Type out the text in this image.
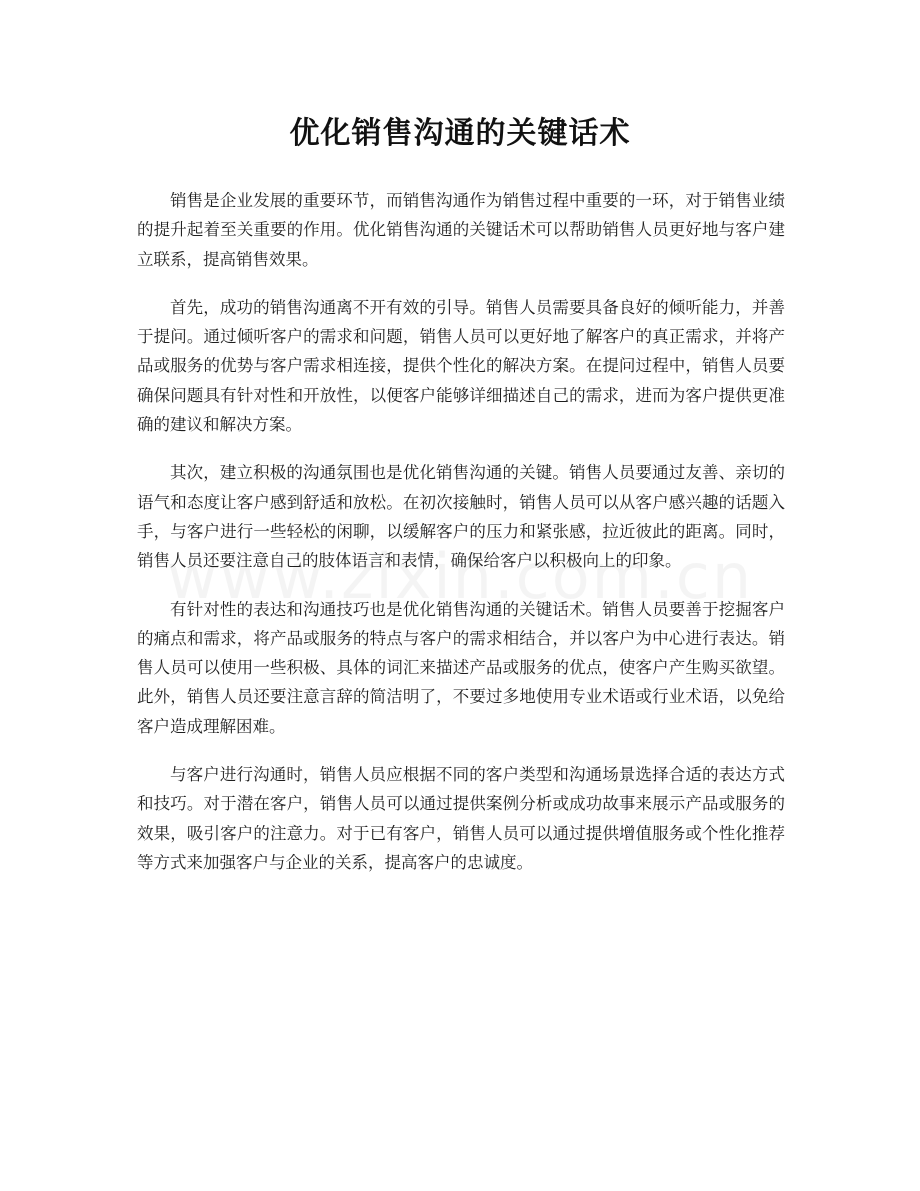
优化销售沟通的关键话术

销售是企业发展的重要环节，而销售沟通作为销售过程中重要的一环，对于销售业绩的提升起着至关重要的作用。优化销售沟通的关键话术可以帮助销售人员更好地与客户建立联系，提高销售效果。

首先，成功的销售沟通离不开有效的引导。销售人员需要具备良好的倾听能力，并善于提问。通过倾听客户的需求和问题，销售人员可以更好地了解客户的真正需求，并将产品或服务的优势与客户需求相连接，提供个性化的解决方案。在提问过程中，销售人员要确保问题具有针对性和开放性，以便客户能够详细描述自己的需求，进而为客户提供更准确的建议和解决方案。

其次，建立积极的沟通氛围也是优化销售沟通的关键。销售人员要通过友善、亲切的语气和态度让客户感到舒适和放松。在初次接触时，销售人员可以从客户感兴趣的话题入手，与客户进行一些轻松的闲聊，以缓解客户的压力和紧张感，拉近彼此的距离。同时，销售人员还要注意自己的肢体语言和表情，确保给客户以积极向上的印象。

有针对性的表达和沟通技巧也是优化销售沟通的关键话术。销售人员要善于挖掘客户的痛点和需求，将产品或服务的特点与客户的需求相结合，并以客户为中心进行表达。销售人员可以使用一些积极、具体的词汇来描述产品或服务的优点，使客户产生购买欲望。此外，销售人员还要注意言辞的简洁明了，不要过多地使用专业术语或行业术语，以免给客户造成理解困难。

与客户进行沟通时，销售人员应根据不同的客户类型和沟通场景选择合适的表达方式和技巧。对于潜在客户，销售人员可以通过提供案例分析或成功故事来展示产品或服务的效果，吸引客户的注意力。对于已有客户，销售人员可以通过提供增值服务或个性化推荐等方式来加强客户与企业的关系，提高客户的忠诚度。
